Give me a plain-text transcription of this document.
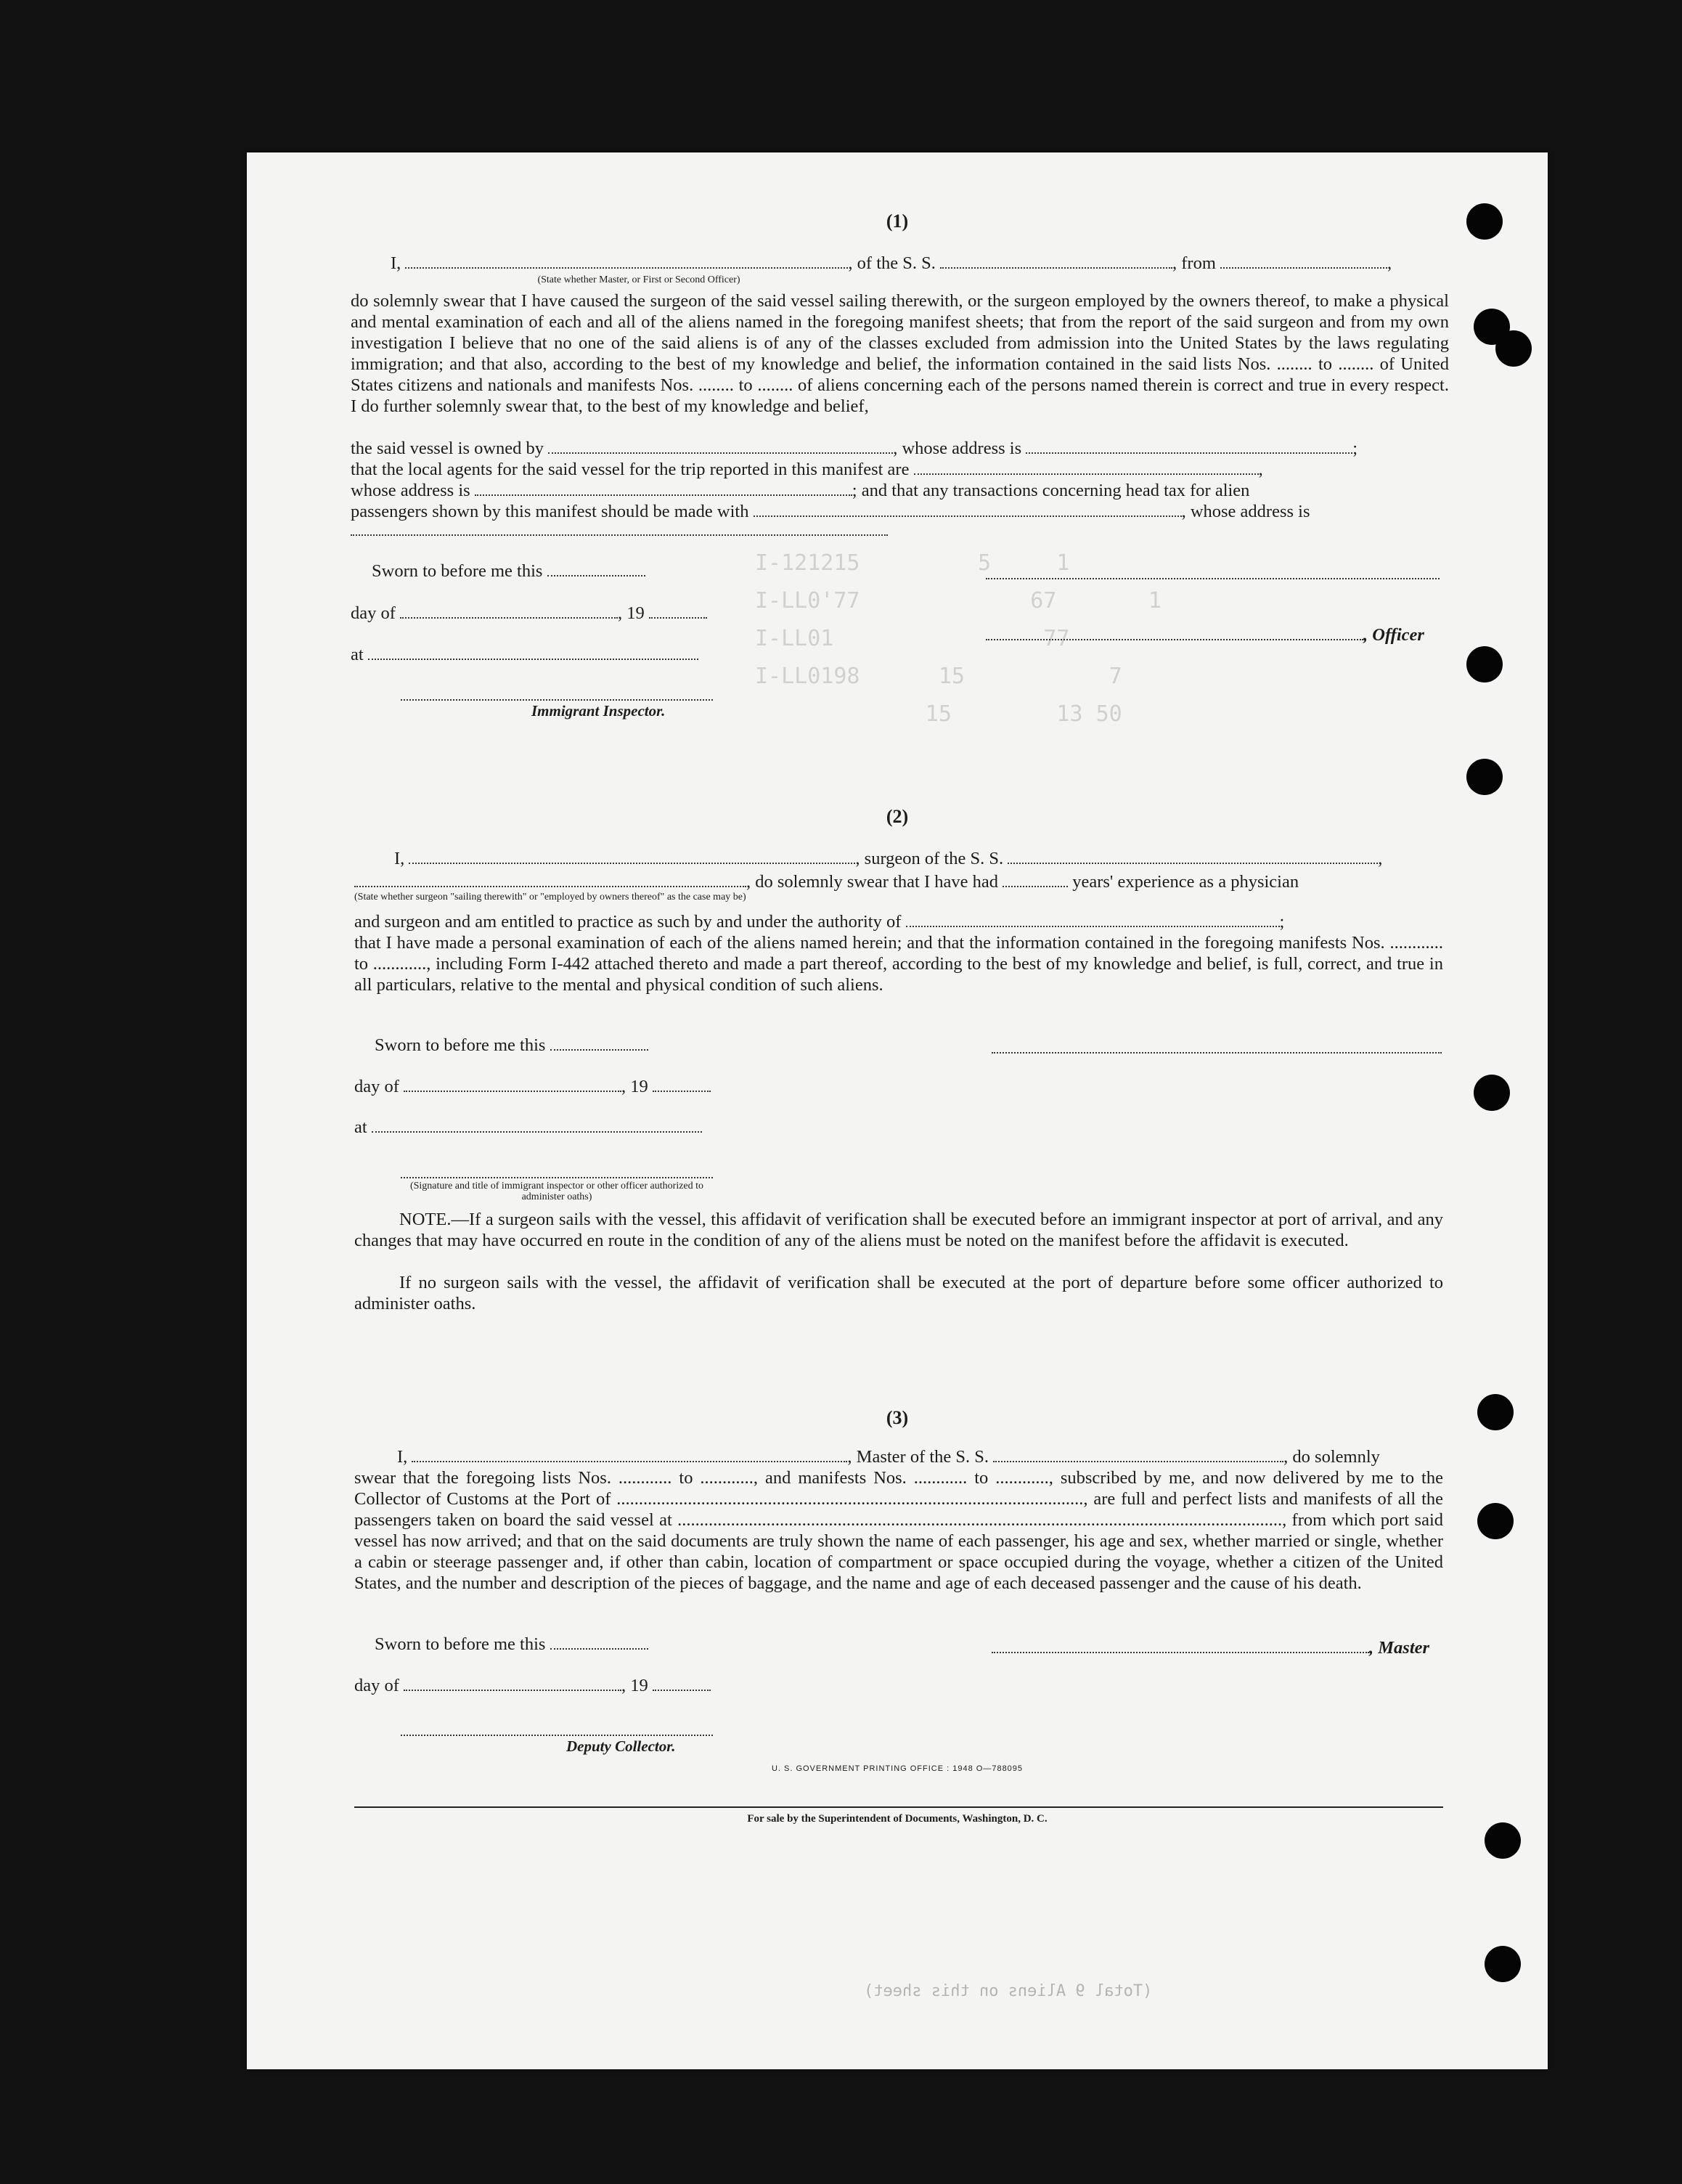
I-121215         5     1
I-LL0'77             67       1
I-LL01                77
I-LL0198      15           7
15        13 50
(1)
I,	, of the S. S.	, from	,
(State whether Master, or First or Second Officer)
do solemnly swear that I have caused the surgeon of the said vessel sailing therewith, or the surgeon employed by the owners thereof, to make a physical and mental examination of each and all of the aliens named in the foregoing manifest sheets; that from the report of the said surgeon and from my own investigation I believe that no one of the said aliens is of any of the classes excluded from admission into the United States by the laws regulating immigration; and that also, according to the best of my knowledge and belief, the information contained in the said lists Nos. ........ to ........ of United States citizens and nationals and manifests Nos. ........ to ........ of aliens concerning each of the persons named therein is correct and true in every respect. I do further solemnly swear that, to the best of my knowledge and belief,
the said vessel is owned by	, whose address is	;
that the local agents for the said vessel for the trip reported in this manifest are	,
whose address is	; and that any transactions concerning head tax for alien
passengers shown by this manifest should be made with	, whose address is
Sworn to before me this
day of	, 19
, Officer
at
Immigrant Inspector.
(2)
I,	, surgeon of the S. S.	,
, do solemnly swear that I have had	years' experience as a physician
(State whether surgeon "sailing therewith" or "employed by owners thereof" as the case may be)
and surgeon and am entitled to practice as such by and under the authority of	;
that I have made a personal examination of each of the aliens named herein; and that the information contained in the foregoing manifests Nos. ............ to ............, including Form I-442 attached thereto and made a part thereof, according to the best of my knowledge and belief, is full, correct, and true in all particulars, relative to the mental and physical condition of such aliens.
Sworn to before me this
day of	, 19
at
(Signature and title of immigrant inspector or other officer authorized to administer oaths)
NOTE.—If a surgeon sails with the vessel, this affidavit of verification shall be executed before an immigrant inspector at port of arrival, and any changes that may have occurred en route in the condition of any of the aliens must be noted on the manifest before the affidavit is executed.
If no surgeon sails with the vessel, the affidavit of verification shall be executed at the port of departure before some officer authorized to administer oaths.
(3)
I,	, Master of the S. S.	, do solemnly
swear that the foregoing lists Nos. ............ to ............, and manifests Nos. ............ to ............, subscribed by me, and now delivered by me to the Collector of Customs at the Port of ........................................................................................................., are full and perfect lists and manifests of all the passengers taken on board the said vessel at ........................................................................................................................................, from which port said vessel has now arrived; and that on the said documents are truly shown the name of each passenger, his age and sex, whether married or single, whether a cabin or steerage passenger and, if other than cabin, location of compartment or space occupied during the voyage, whether a citizen of the United States, and the number and description of the pieces of baggage, and the name and age of each deceased passenger and the cause of his death.
Sworn to before me this	, Master
day of	, 19
Deputy Collector.
U. S. GOVERNMENT PRINTING OFFICE : 1948 O—788095
For sale by the Superintendent of Documents, Washington, D. C.
(Total 9 Aliens on this sheet)
